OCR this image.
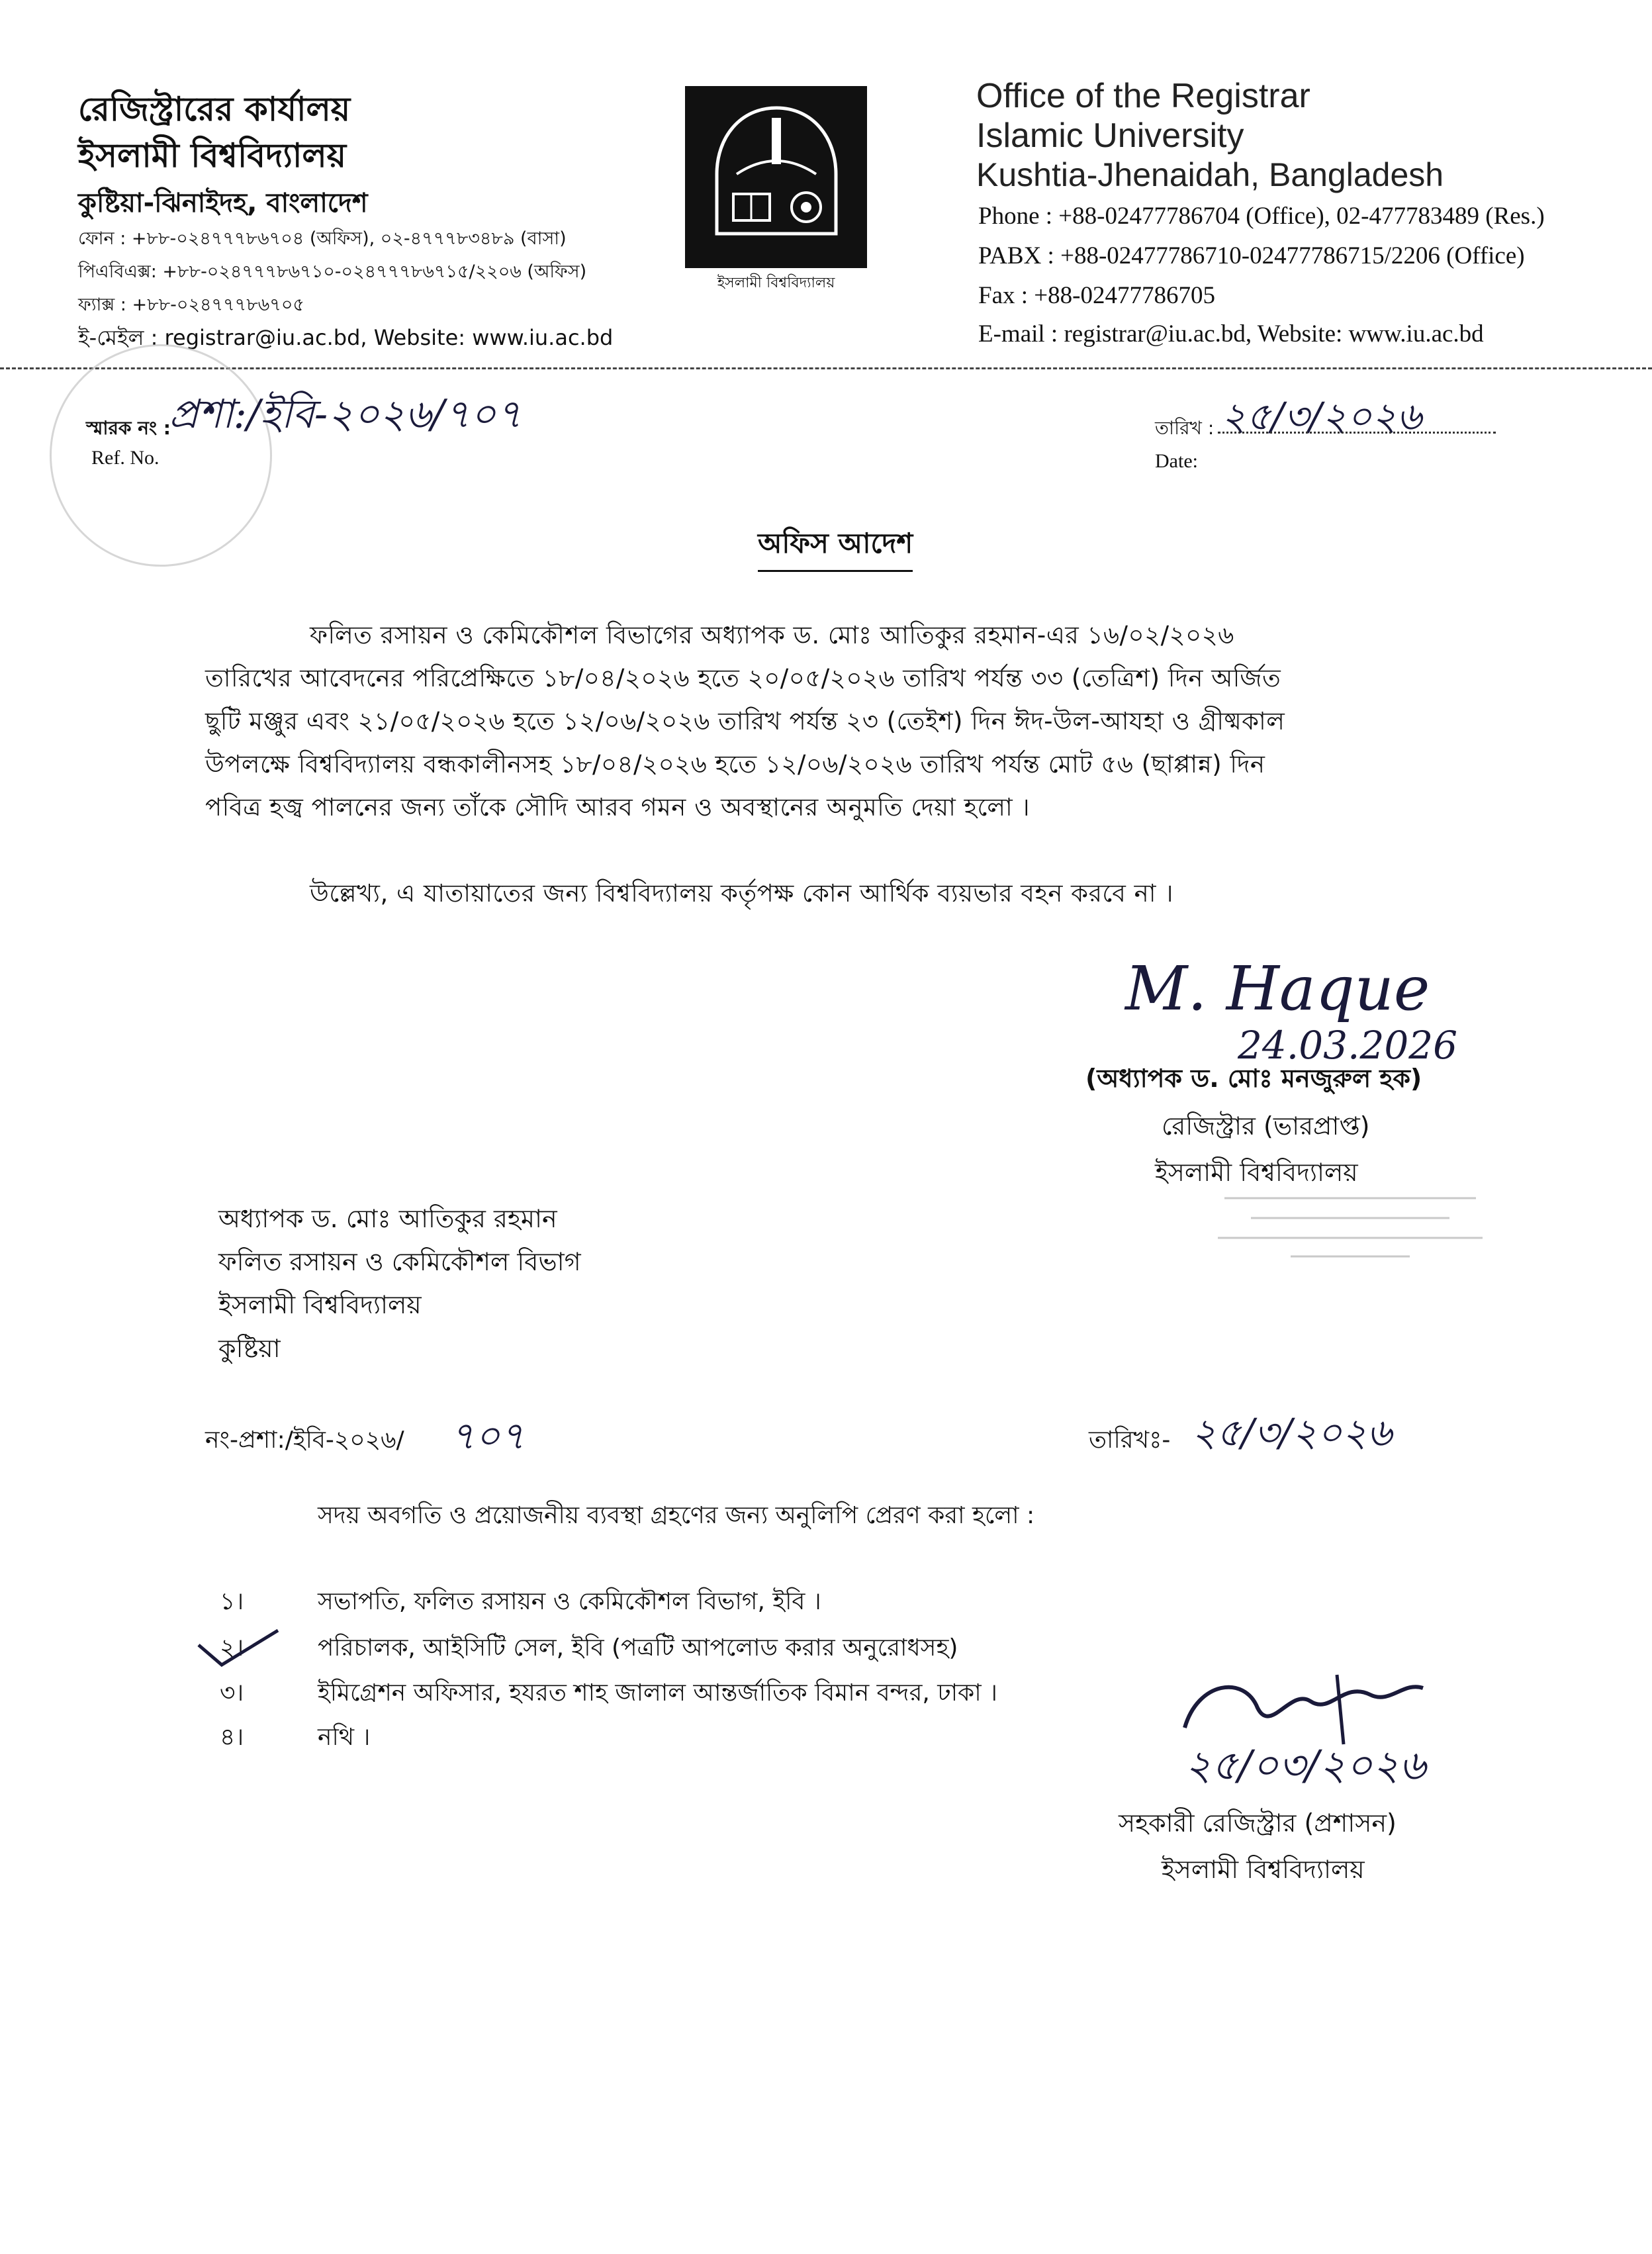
রেজিস্ট্রারের কার্যালয়
ইসলামী বিশ্ববিদ্যালয়
কুষ্টিয়া-ঝিনাইদহ, বাংলাদেশ
ফোন : +৮৮-০২৪৭৭৭৮৬৭০৪ (অফিস), ০২-৪৭৭৭৮৩৪৮৯ (বাসা)
পিএবিএক্স: +৮৮-০২৪৭৭৭৮৬৭১০-০২৪৭৭৭৮৬৭১৫/২২০৬ (অফিস)
ফ্যাক্স : +৮৮-০২৪৭৭৭৮৬৭০৫
ই-মেইল : registrar@iu.ac.bd, Website: www.iu.ac.bd
ইসলামী বিশ্ববিদ্যালয়
Office of the Registrar
Islamic University
Kushtia-Jhenaidah, Bangladesh
Phone : +88-02477786704 (Office), 02-477783489 (Res.)
PABX : +88-02477786710-02477786715/2206 (Office)
Fax : +88-02477786705
E-mail : registrar@iu.ac.bd, Website: www.iu.ac.bd
স্মারক নং :
Ref. No.
প্রশা:/ইবি-২০২৬/৭০৭	তারিখ :
Date:
২৫/৩/২০২৬
অফিস আদেশ
ফলিত রসায়ন ও কেমিকৌশল বিভাগের অধ্যাপক ড. মোঃ আতিকুর রহমান-এর ১৬/০২/২০২৬
তারিখের আবেদনের পরিপ্রেক্ষিতে ১৮/০৪/২০২৬ হতে ২০/০৫/২০২৬ তারিখ পর্যন্ত ৩৩ (তেত্রিশ) দিন অর্জিত
ছুটি মঞ্জুর এবং ২১/০৫/২০২৬ হতে ১২/০৬/২০২৬ তারিখ পর্যন্ত ২৩ (তেইশ) দিন ঈদ-উল-আযহা ও গ্রীষ্মকাল
উপলক্ষে বিশ্ববিদ্যালয় বন্ধকালীনসহ ১৮/০৪/২০২৬ হতে ১২/০৬/২০২৬ তারিখ পর্যন্ত মোট ৫৬ (ছাপ্পান্ন) দিন
পবিত্র হজ্ব পালনের জন্য তাঁকে সৌদি আরব গমন ও অবস্থানের অনুমতি দেয়া হলো ।
উল্লেখ্য, এ যাতায়াতের জন্য বিশ্ববিদ্যালয় কর্তৃপক্ষ কোন আর্থিক ব্যয়ভার বহন করবে না ।
M. Haque
24.03.2026
(অধ্যাপক ড. মোঃ মনজুরুল হক)
রেজিস্ট্রার (ভারপ্রাপ্ত)
ইসলামী বিশ্ববিদ্যালয়
অধ্যাপক ড. মোঃ আতিকুর রহমান
ফলিত রসায়ন ও কেমিকৌশল বিভাগ
ইসলামী বিশ্ববিদ্যালয়
কুষ্টিয়া
নং-প্রশা:/ইবি-২০২৬/ ৭০৭	তারিখঃ- ২৫/৩/২০২৬
সদয় অবগতি ও প্রয়োজনীয় ব্যবস্থা গ্রহণের জন্য অনুলিপি প্রেরণ করা হলো :
১।	সভাপতি, ফলিত রসায়ন ও কেমিকৌশল বিভাগ, ইবি ।
২।	পরিচালক, আইসিটি সেল, ইবি (পত্রটি আপলোড করার অনুরোধসহ)
৩।	ইমিগ্রেশন অফিসার, হযরত শাহ জালাল আন্তর্জাতিক বিমান বন্দর, ঢাকা ।
৪।	নথি ।
২৫/০৩/২০২৬
সহকারী রেজিস্ট্রার (প্রশাসন)
ইসলামী বিশ্ববিদ্যালয়
